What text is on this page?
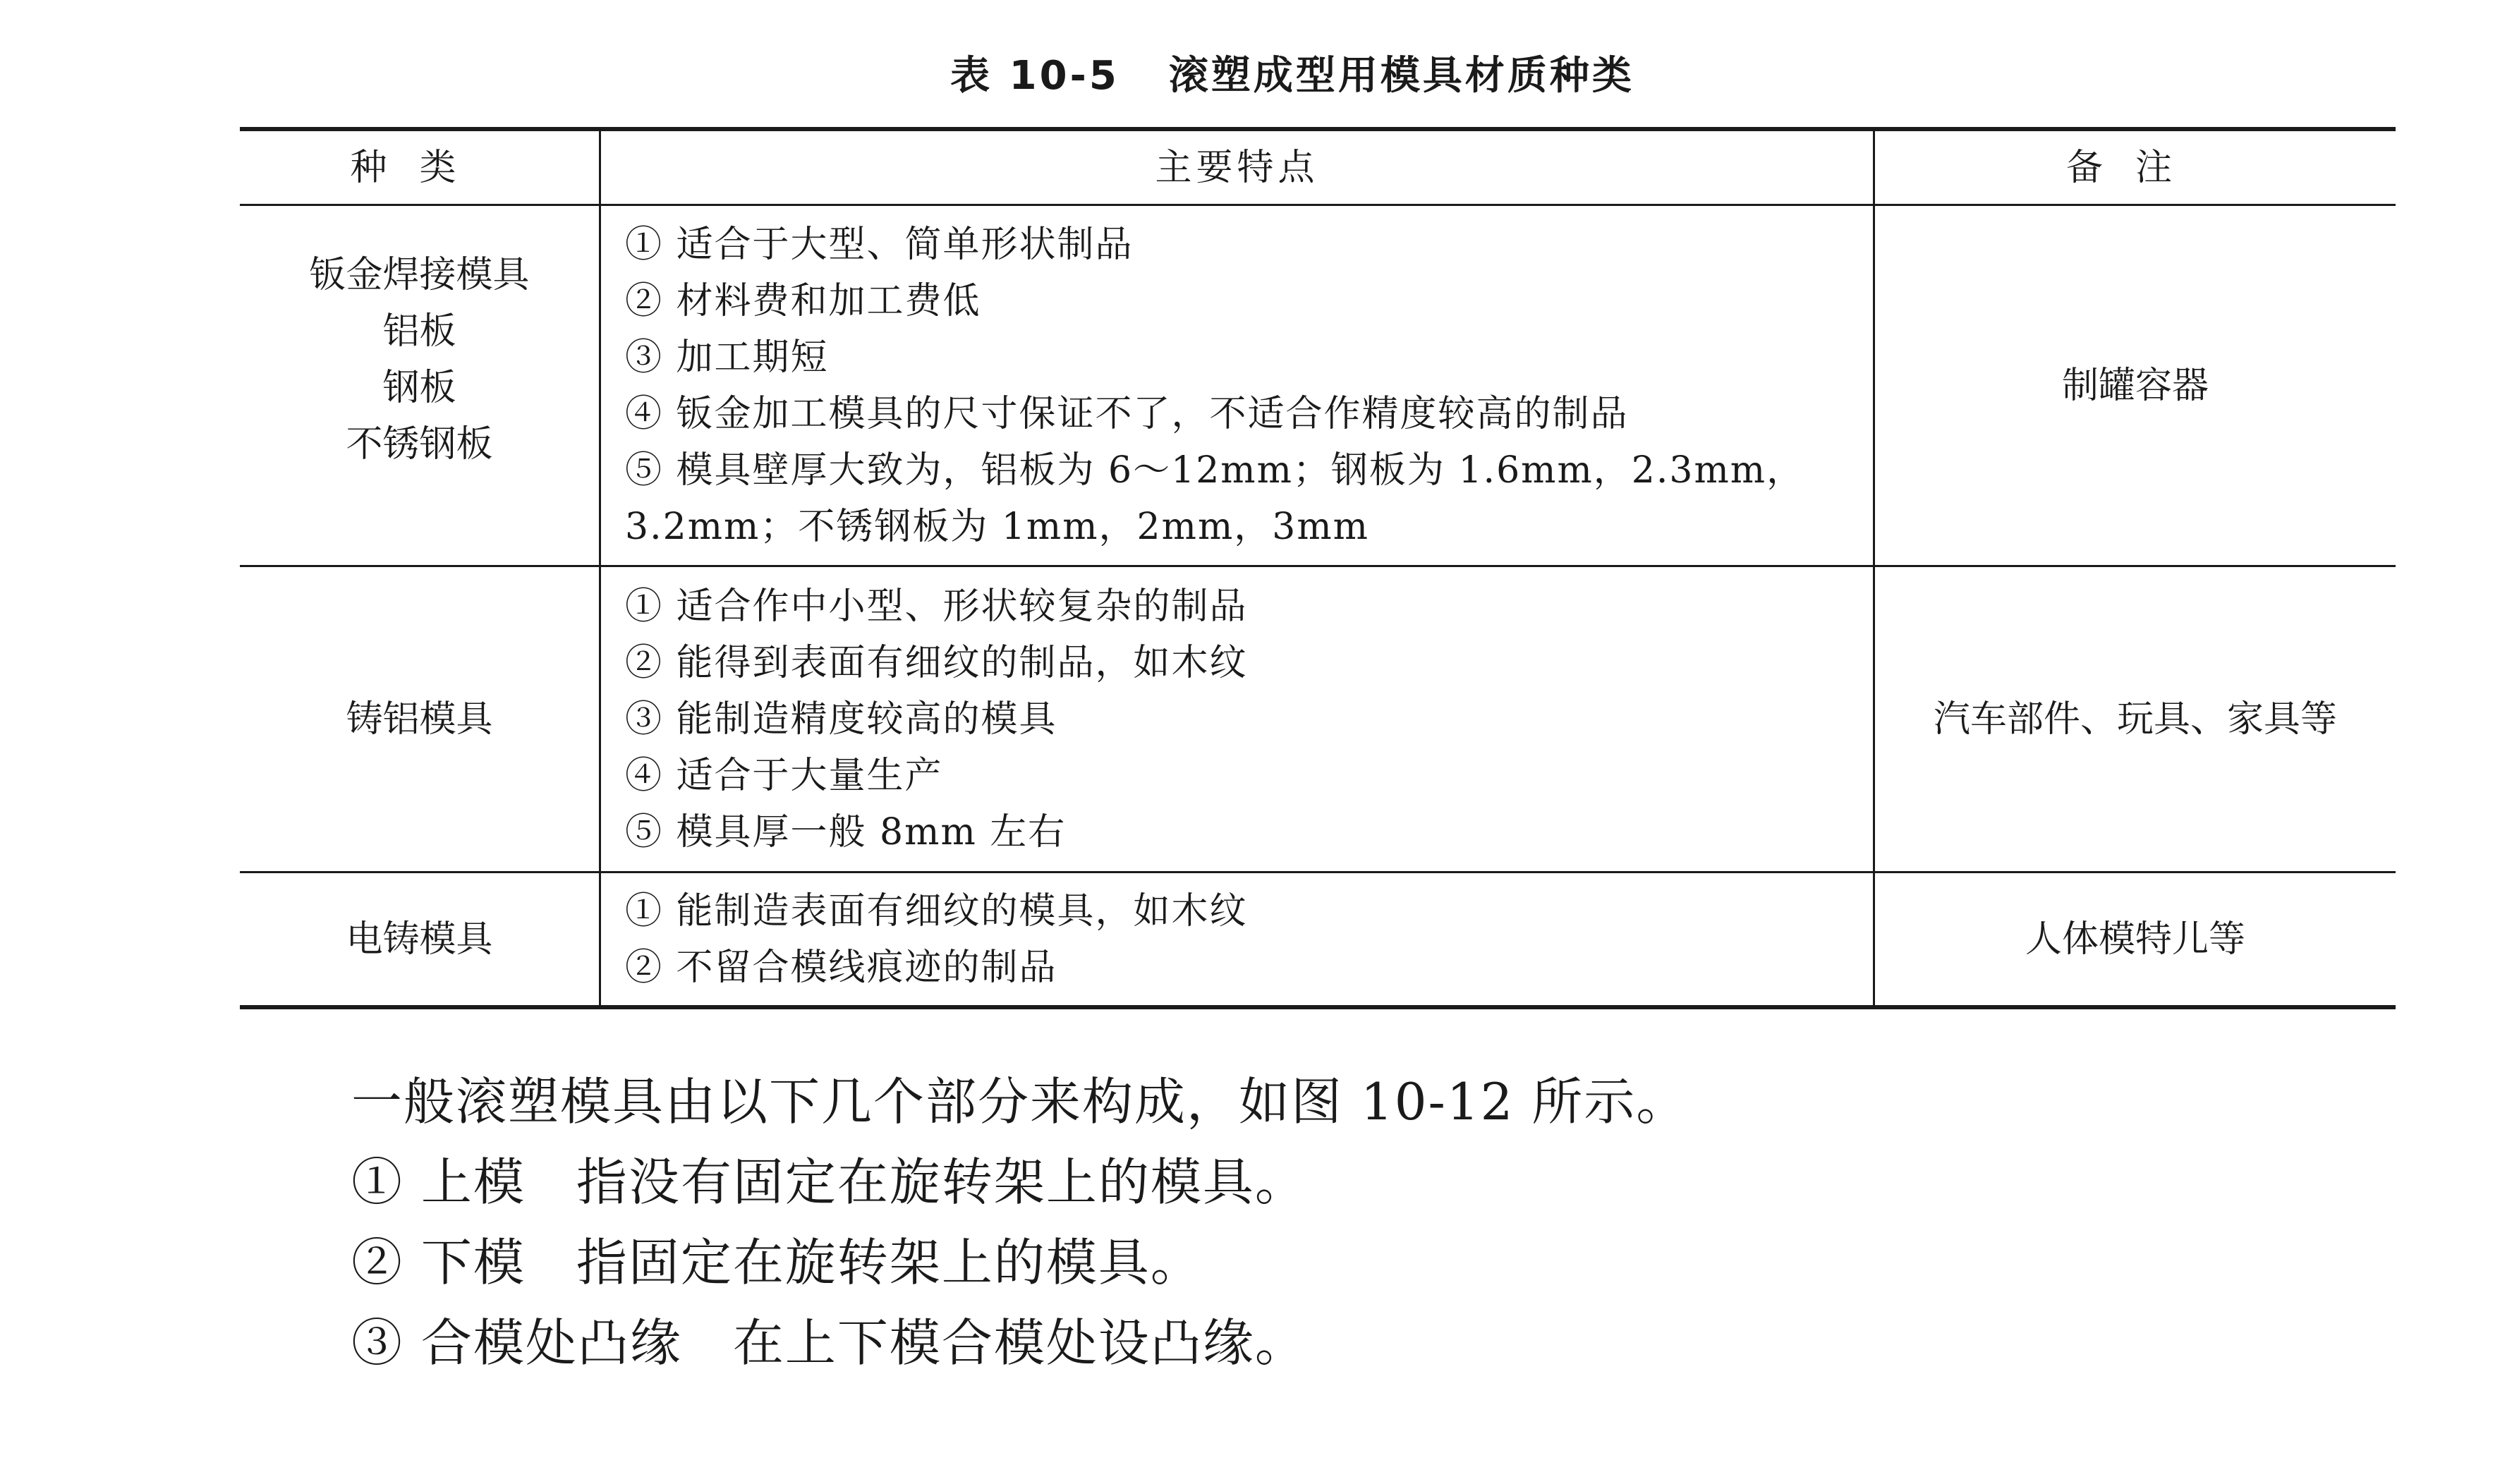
表 10-5 滚塑成型用模具材质种类
种类	主要特点	备注
钣金焊接模具
铝板
钢板
不锈钢板
① 适合于大型、简单形状制品
② 材料费和加工费低
③ 加工期短
④ 钣金加工模具的尺寸保证不了，不适合作精度较高的制品
⑤ 模具壁厚大致为，铝板为 6～12mm；钢板为 1.6mm，2.3mm，
3.2mm；不锈钢板为 1mm，2mm，3mm
制罐容器
铸铝模具
① 适合作中小型、形状较复杂的制品
② 能得到表面有细纹的制品，如木纹
③ 能制造精度较高的模具
④ 适合于大量生产
⑤ 模具厚一般 8mm 左右
汽车部件、玩具、家具等
电铸模具
① 能制造表面有细纹的模具，如木纹
② 不留合模线痕迹的制品
人体模特儿等
一般滚塑模具由以下几个部分来构成，如图 10-12 所示。
① 上模 指没有固定在旋转架上的模具。
② 下模 指固定在旋转架上的模具。
③ 合模处凸缘 在上下模合模处设凸缘。
